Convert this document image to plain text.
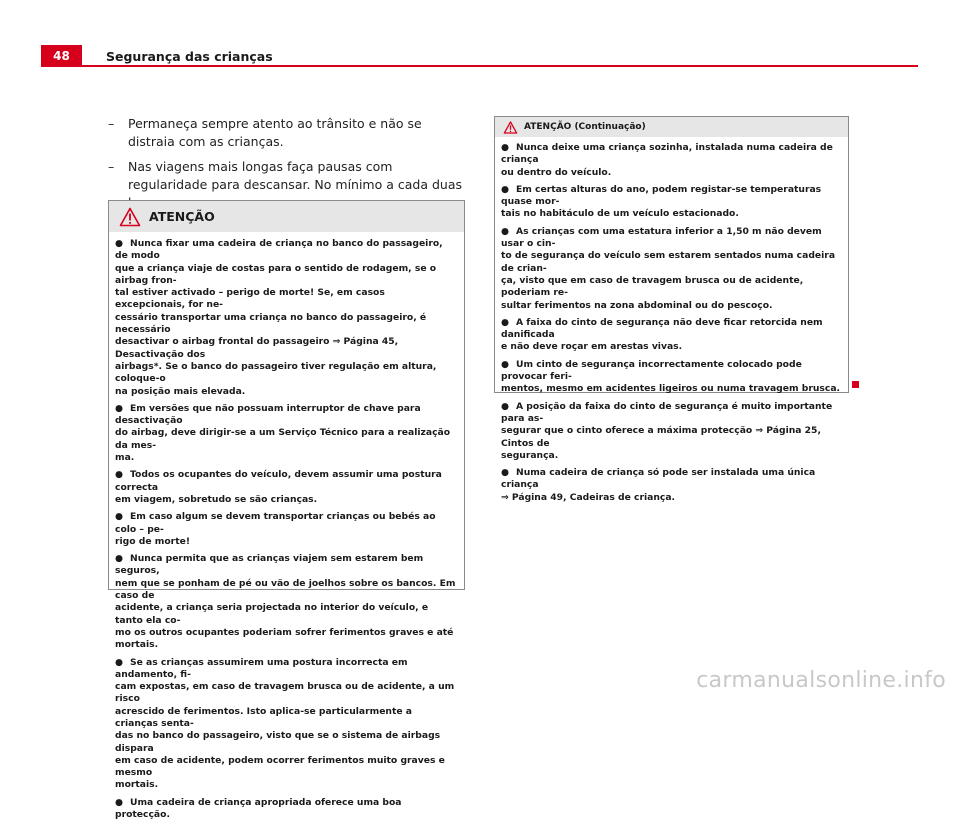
48	Segurança das crianças
– Permaneça sempre atento ao trânsito e não se distraia com as crianças.
– Nas viagens mais longas faça pausas com regularidade para descansar. No mínimo a cada duas
ATENÇÃO
● Nunca fixar uma cadeira de criança no banco do passageiro, de modo
que a criança viaje de costas para o sentido de rodagem, se o airbag fron-
tal estiver activado – perigo de morte! Se, em casos excepcionais, for ne-
cessário transportar uma criança no banco do passageiro, é necessário
desactivar o airbag frontal do passageiro ⇒ Página 45, Desactivação dos
airbags*. Se o banco do passageiro tiver regulação em altura, coloque-o
na posição mais elevada.
● Em versões que não possuam interruptor de chave para desactivação
do airbag, deve dirigir-se a um Serviço Técnico para a realização da mes-
ma.
● Todos os ocupantes do veículo, devem assumir uma postura correcta
em viagem, sobretudo se são crianças.
● Em caso algum se devem transportar crianças ou bebés ao colo – pe-
rigo de morte!
● Nunca permita que as crianças viajem sem estarem bem seguros,
nem que se ponham de pé ou vão de joelhos sobre os bancos. Em caso de
acidente, a criança seria projectada no interior do veículo, e tanto ela co-
mo os outros ocupantes poderiam sofrer ferimentos graves e até mortais.
● Se as crianças assumirem uma postura incorrecta em andamento, fi-
cam expostas, em caso de travagem brusca ou de acidente, a um risco
acrescido de ferimentos. Isto aplica-se particularmente a crianças senta-
das no banco do passageiro, visto que se o sistema de airbags dispara
em caso de acidente, podem ocorrer ferimentos muito graves e mesmo
mortais.
● Uma cadeira de criança apropriada oferece uma boa protecção.
ATENÇÃO (Continuação)
● Nunca deixe uma criança sozinha, instalada numa cadeira de criança
ou dentro do veículo.
● Em certas alturas do ano, podem registar-se temperaturas quase mor-
tais no habitáculo de um veículo estacionado.
● As crianças com uma estatura inferior a 1,50 m não devem usar o cin-
to de segurança do veículo sem estarem sentados numa cadeira de crian-
ça, visto que em caso de travagem brusca ou de acidente, poderiam re-
sultar ferimentos na zona abdominal ou do pescoço.
● A faixa do cinto de segurança não deve ficar retorcida nem danificada
e não deve roçar em arestas vivas.
● Um cinto de segurança incorrectamente colocado pode provocar feri-
mentos, mesmo em acidentes ligeiros ou numa travagem brusca.
● A posição da faixa do cinto de segurança é muito importante para as-
segurar que o cinto oferece a máxima protecção ⇒ Página 25, Cintos de
segurança.
● Numa cadeira de criança só pode ser instalada uma única criança
⇒ Página 49, Cadeiras de criança.
carmanualsonline.info
